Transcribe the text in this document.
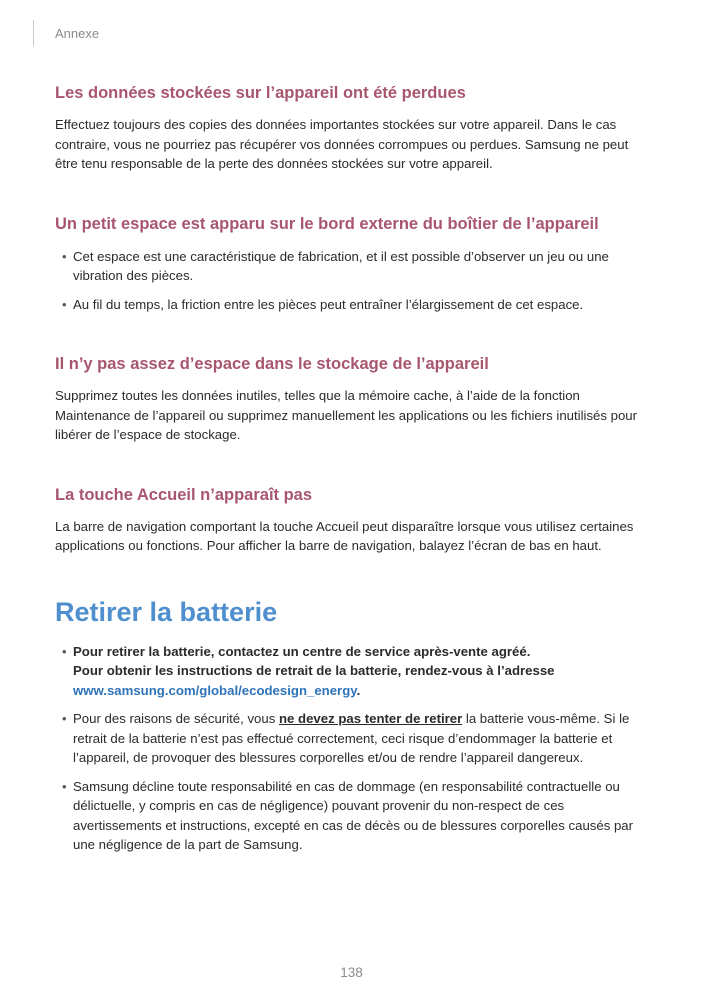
Annexe
Les données stockées sur l’appareil ont été perdues

Effectuez toujours des copies des données importantes stockées sur votre appareil. Dans le cas contraire, vous ne pourriez pas récupérer vos données corrompues ou perdues. Samsung ne peut être tenu responsable de la perte des données stockées sur votre appareil.

Un petit espace est apparu sur le bord externe du boîtier de l’appareil
• Cet espace est une caractéristique de fabrication, et il est possible d’observer un jeu ou une vibration des pièces.
• Au fil du temps, la friction entre les pièces peut entraîner l’élargissement de cet espace.
Il n’y pas assez d’espace dans le stockage de l’appareil

Supprimez toutes les données inutiles, telles que la mémoire cache, à l’aide de la fonction Maintenance de l’appareil ou supprimez manuellement les applications ou les fichiers inutilisés pour libérer de l’espace de stockage.

La touche Accueil n’apparaît pas

La barre de navigation comportant la touche Accueil peut disparaître lorsque vous utilisez certaines applications ou fonctions. Pour afficher la barre de navigation, balayez l’écran de bas en haut.

Retirer la batterie
• Pour retirer la batterie, contactez un centre de service après-vente agréé.
Pour obtenir les instructions de retrait de la batterie, rendez-vous à l’adresse
www.samsung.com/global/ecodesign_energy.
• Pour des raisons de sécurité, vous ne devez pas tenter de retirer la batterie vous-même. Si le retrait de la batterie n’est pas effectué correctement, ceci risque d’endommager la batterie et l’appareil, de provoquer des blessures corporelles et/ou de rendre l’appareil dangereux.
• Samsung décline toute responsabilité en cas de dommage (en responsabilité contractuelle ou délictuelle, y compris en cas de négligence) pouvant provenir du non-respect de ces avertissements et instructions, excepté en cas de décès ou de blessures corporelles causés par une négligence de la part de Samsung.
138
